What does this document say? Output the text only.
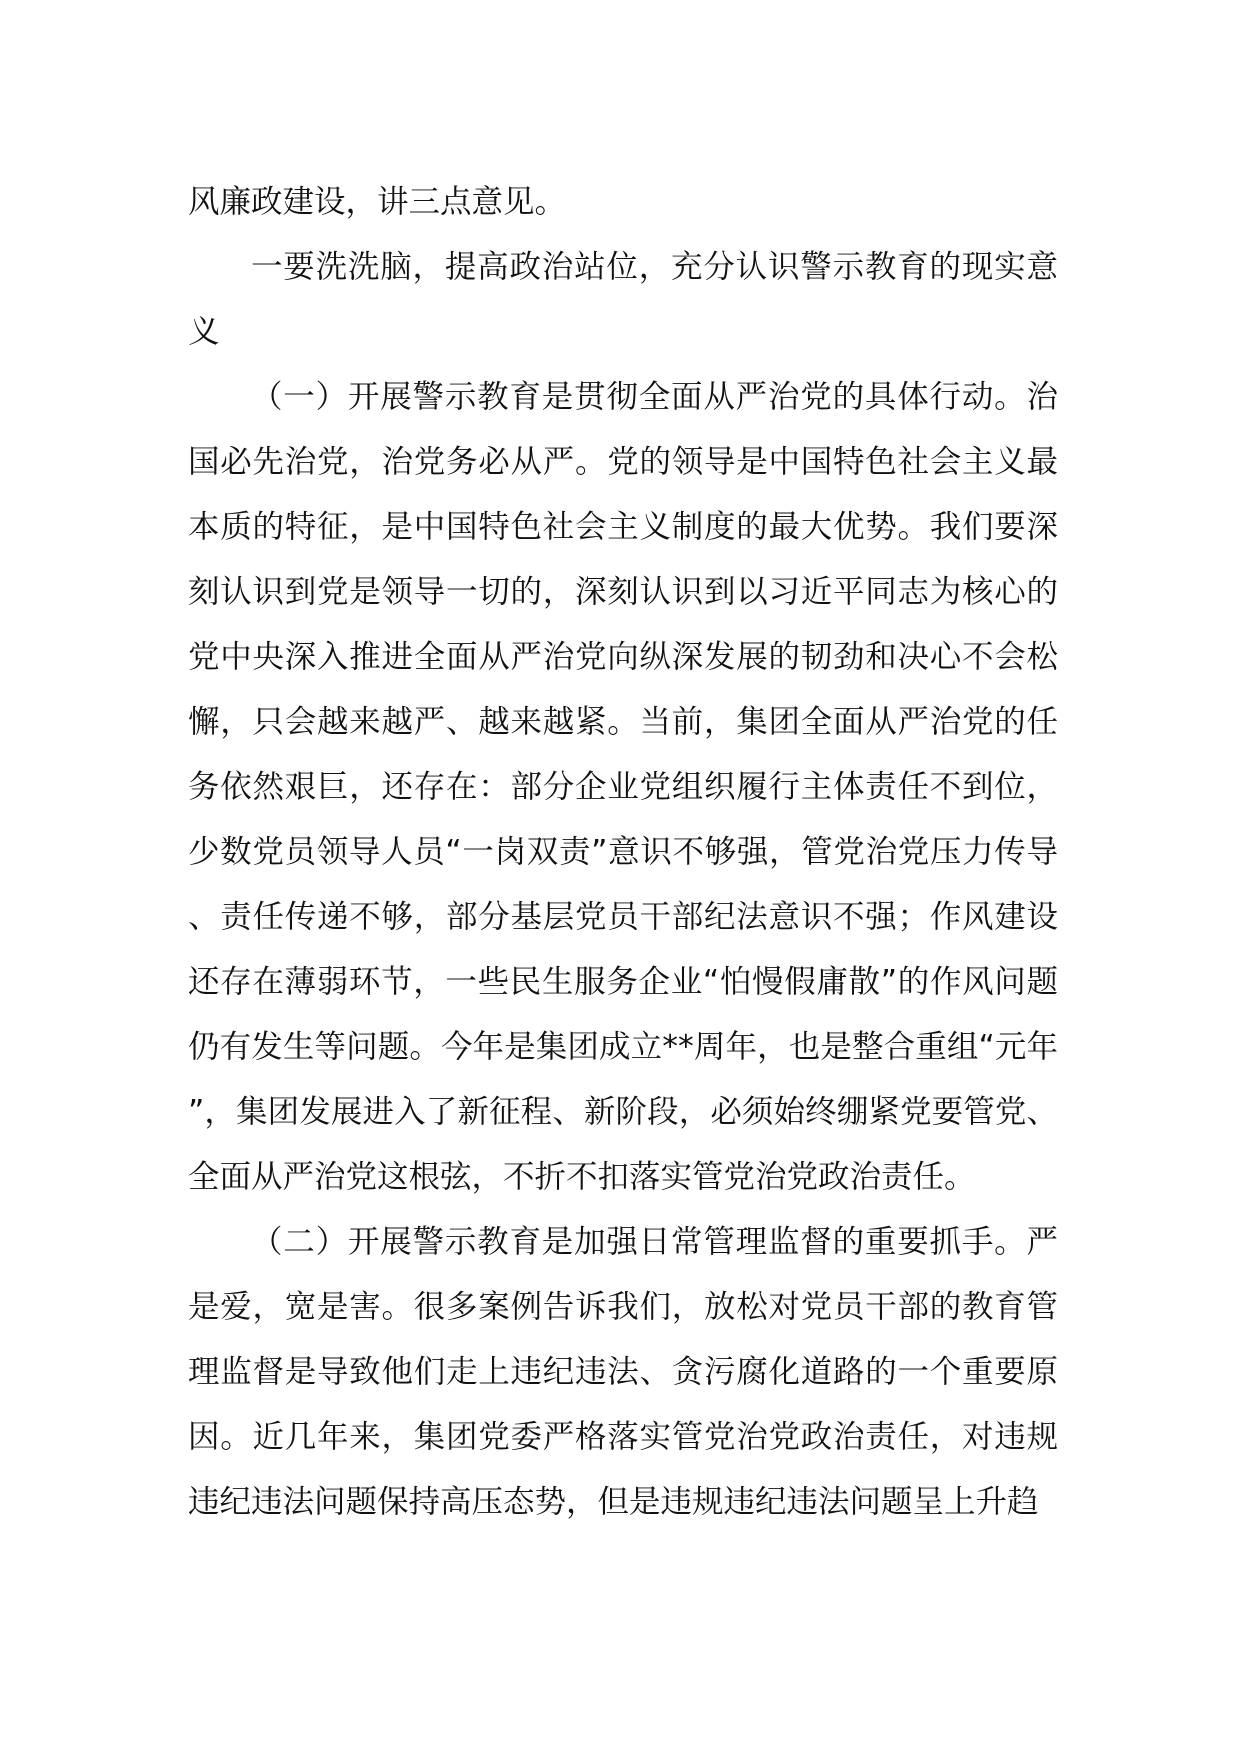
风廉政建设，讲三点意见。

一要洗洗脑，提高政治站位，充分认识警示教育的现实意义

（一）开展警示教育是贯彻全面从严治党的具体行动。治国必先治党，治党务必从严。党的领导是中国特色社会主义最本质的特征，是中国特色社会主义制度的最大优势。我们要深刻认识到党是领导一切的，深刻认识到以习近平同志为核心的党中央深入推进全面从严治党向纵深发展的韧劲和决心不会松懈，只会越来越严、越来越紧。当前，集团全面从严治党的任务依然艰巨，还存在：部分企业党组织履行主体责任不到位，少数党员领导人员“一岗双责”意识不够强，管党治党压力传导、责任传递不够，部分基层党员干部纪法意识不强；作风建设还存在薄弱环节，一些民生服务企业“怕慢假庸散”的作风问题仍有发生等问题。今年是集团成立**周年，也是整合重组“元年”，集团发展进入了新征程、新阶段，必须始终绷紧党要管党、全面从严治党这根弦，不折不扣落实管党治党政治责任。

（二）开展警示教育是加强日常管理监督的重要抓手。严是爱，宽是害。很多案例告诉我们，放松对党员干部的教育管理监督是导致他们走上违纪违法、贪污腐化道路的一个重要原因。近几年来，集团党委严格落实管党治党政治责任，对违规违纪违法问题保持高压态势，但是违规违纪违法问题呈上升趋
